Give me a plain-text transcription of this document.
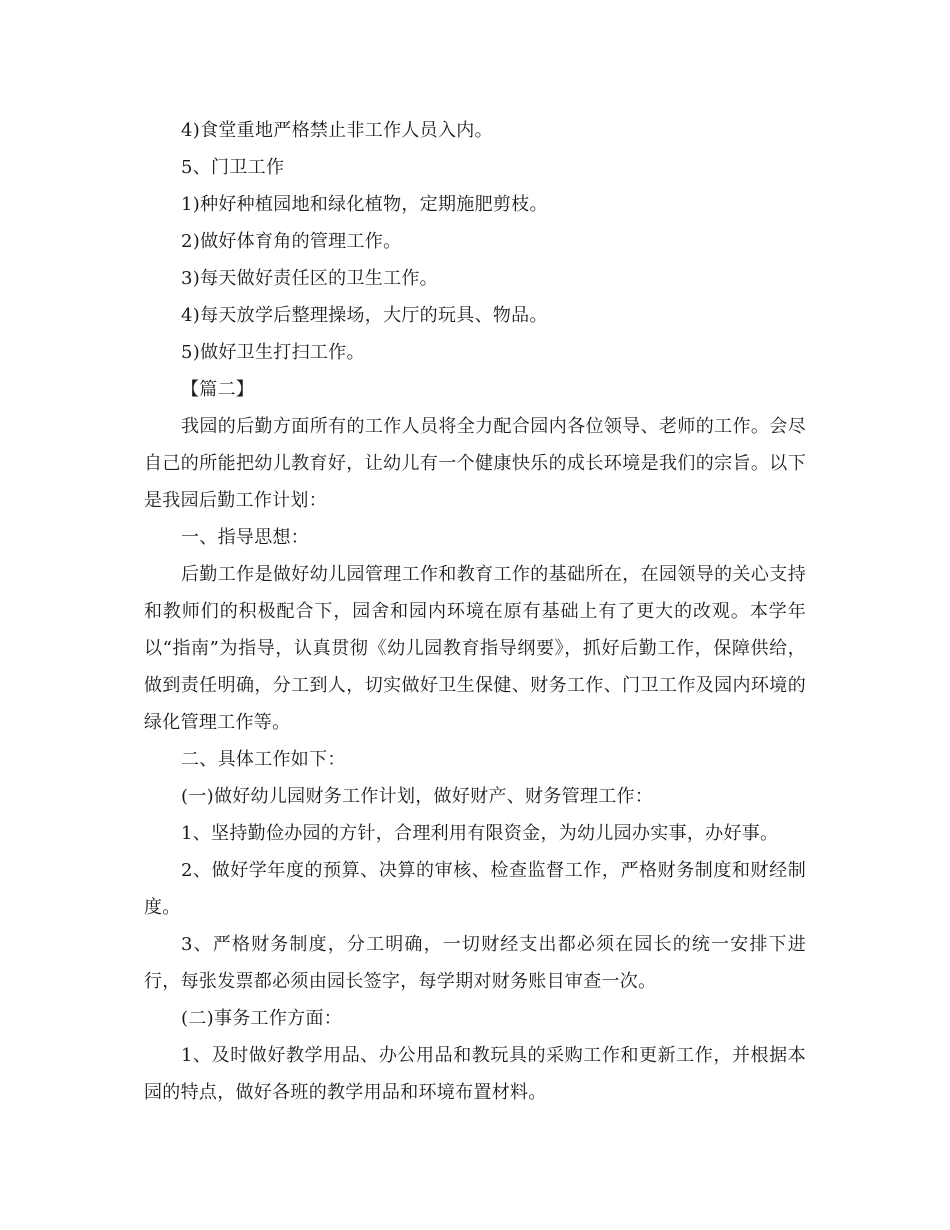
4)食堂重地严格禁止非工作人员入内。

5、门卫工作

1)种好种植园地和绿化植物，定期施肥剪枝。

2)做好体育角的管理工作。

3)每天做好责任区的卫生工作。

4)每天放学后整理操场，大厅的玩具、物品。

5)做好卫生打扫工作。

【篇二】

我园的后勤方面所有的工作人员将全力配合园内各位领导、老师的工作。会尽自己的所能把幼儿教育好，让幼儿有一个健康快乐的成长环境是我们的宗旨。以下是我园后勤工作计划：

一、指导思想：

后勤工作是做好幼儿园管理工作和教育工作的基础所在，在园领导的关心支持和教师们的积极配合下，园舍和园内环境在原有基础上有了更大的改观。本学年以“指南”为指导，认真贯彻《幼儿园教育指导纲要》，抓好后勤工作，保障供给，做到责任明确，分工到人，切实做好卫生保健、财务工作、门卫工作及园内环境的绿化管理工作等。

二、具体工作如下：

(一)做好幼儿园财务工作计划，做好财产、财务管理工作：

1、坚持勤俭办园的方针，合理利用有限资金，为幼儿园办实事，办好事。

2、做好学年度的预算、决算的审核、检查监督工作，严格财务制度和财经制度。

3、严格财务制度，分工明确，一切财经支出都必须在园长的统一安排下进行，每张发票都必须由园长签字，每学期对财务账目审查一次。

(二)事务工作方面：

1、及时做好教学用品、办公用品和教玩具的采购工作和更新工作，并根据本园的特点，做好各班的教学用品和环境布置材料。
